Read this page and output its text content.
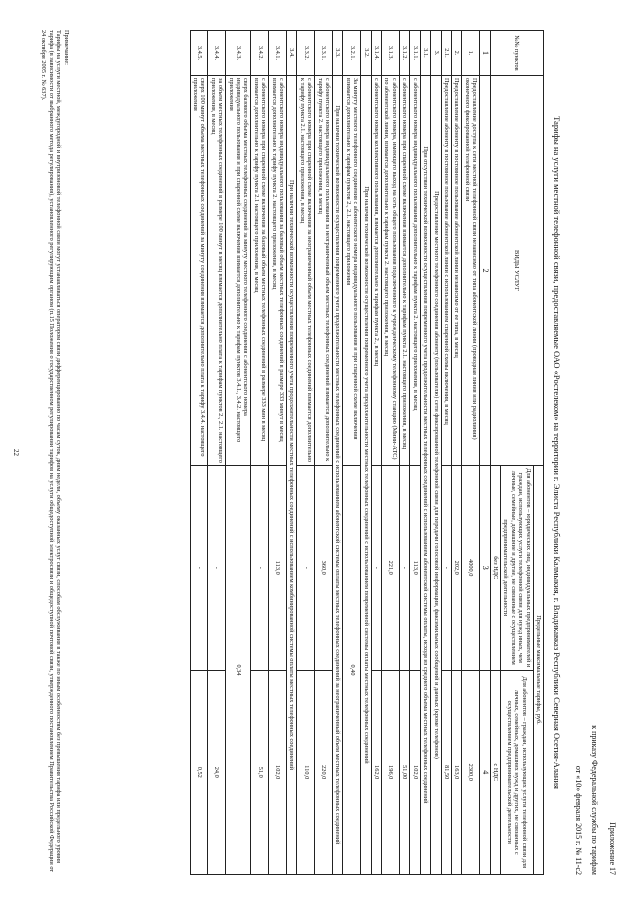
Приложение 17
к приказу Федеральной службы по тарифам
от «10» февраля 2015 г. № 11-с2
Тарифы на услуги местной телефонной связи, предоставляемые ОАО «Ростелеком» на территории г. Элиста Республики Калмыкия, г. Владикавказ Республики Северная Осетия-Алания
№№ пунктов	ВИДЫ УСЛУГ	Предельные максимальные тарифы, руб.	
		Для абонентов – юридических лиц, индивидуальных предпринимателей и граждан, использующих услуги телефонной связи для нужд иных, чем личные, семейные, домашние и другие, не связанные с осуществлением предпринимательской деятельности	Для абонентов – граждан, использующих услуги телефонной связи для личных, семейных, домашних нужд и других, не связанных с осуществлением предпринимательской деятельности
		без НДС	с НДС
1	2	3	4
1.	Предоставление доступа к сети местной телефонной связи независимо от типа абонентской линии (проводная линия или радиолиния) оконечного фиксированной телефонной связи	4000,0	2300,0
2.	Предоставление абоненту в постоянное пользование абонентской линии независимо от ее типа, в месяц	202,0	163,0
2.1.	Предоставление абоненту в постоянное пользование абонентской линии с использованием спаренной схемы включения, в месяц	-	81,50
3.	Предоставление местного телефонного соединения абоненту (пользователю) сети фиксированной телефонной связи для передачи голосовой информации, факсимильных сообщений и данных (кроме телефонов)		
3.1.	При отсутствии технической возможности осуществления повременного учета продолжительности местных телефонных соединений с использованием абонентской системы оплаты, исходя из среднего объема местных телефонных соединений		
3.1.1.	с абонентского номера индивидуального пользования дополнительно к тарифам пункта 2. настоящего приложения, в месяц	113,0	102,0
3.1.2.	с абонентского номера при спаренной схеме включения взимается дополнительно к тарифам пункта 2.1. настоящего приложения, в месяц	-	51,00
3.1.3.	с абонентского номера, имеющего выход на сеть общего пользования подключенного к учрежденческому телефонному станцию (Мини-АТС) по абонентской линии, взимается дополнительно к тарифам пункта 2. настоящего приложения, в месяц	221,0	196,0
3.1.4.	с абонентского номера коллективного пользования, взимается дополнительно к тарифам пункта 2., в месяц	-	162,0
3.2.	При наличии технической возможности осуществления повременного учета продолжительности местных телефонных соединений с использованием повременной системы оплаты местных телефонных соединений		
3.2.1.	За минуту местного телефонного соединения с абонентского номера индивидуального пользования и при спаренной схеме включения взимается дополнительно к тарифам пунктов 2., 2.1. настоящего приложения	0,40	
3.3.	При наличии технической возможности осуществления повременного учета продолжительности местных телефонных соединений с использованием абонентской системы оплаты местных телефонных соединений за неограниченный объем местных телефонных соединений		
3.3.1.	с абонентского номера индивидуального пользования за неограниченный объем местных телефонных соединений взимается дополнительно к тарифу пункта 2. настоящего приложения, в месяц	360,0	220,0
3.3.2.	с абонентского номера при спаренной схеме включения за неограниченный объем местных телефонных соединений взимается дополнительно к тарифу пункта 2.1. настоящего приложения, в месяц	-	110,0
3.4.	При наличии технической возможности осуществления повременного учета продолжительности местных телефонных соединений с использованием комбинированной системы оплаты местных телефонных соединений		
3.4.1.	с абонентского номера индивидуального пользования за базовый объем местных телефонных соединений в размере 333 минут в месяц взимается дополнительно к тарифу пункта 2. настоящего приложения, в месяц	113,0	102,0
3.4.2.	с абонентского номера при спаренной схеме включения за базовый объем местных телефонных соединений в размере 333 мин в месяц взимается дополнительно к тарифу пункта 2.1 настоящего приложения, в месяц	-	51,0
3.4.3.	сверх базового объема местных телефонных соединений за минуту местного телефонного соединения с абонентского номера индивидуального пользования и при спаренной схеме включения взимается дополнительно к тарифам пунктов 3.4.1., 3.4.2. настоящего приложения	0,34	
3.4.4.	за объем местных телефонных соединений в размере 100 минут в месяц взимается дополнительно плата к тарифам пунктов 2., 2.1. настоящего приложения, в месяц	-	24,0
3.4.5.	сверх 100 минут объема местных телефонных соединений за минуту соединения взимается дополнительно плата к тарифу 3.4.4. настоящего приложения	-	0,52
Примечание:
Тарифы на услуги местной, междугородной и внутризоновой телефонной связи могут устанавливаться оператором связи дифференцированно по часам суток, дням недели, объему оказанных услуг связи, способам обслуживания в также по иным особенностям без превышения тарифа или предельного уровня тарифа (в зависимости от выбранного метода регулирования), установленного регулирующим органом (п.15 Положения о государственном регулировании тарифов на услуги общедоступной электросвязи и общедоступной почтовой связи, утвержденного постановлением Правительства Российской Федерации от 24 октября 2005 г. № 637).
22
